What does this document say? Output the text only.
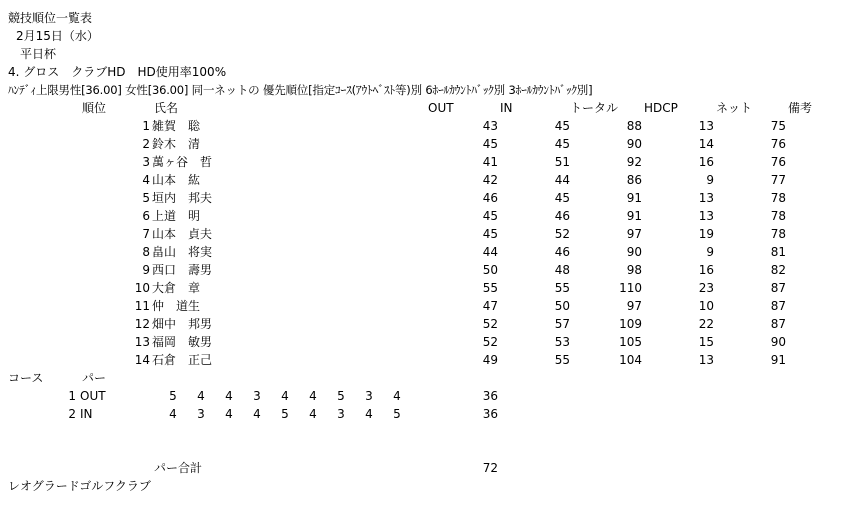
競技順位一覧表
2月15日（水）
平日杯
4. グロス　クラブHD　HD使用率100%
ﾊﾝﾃﾞｨ上限男性[36.00] 女性[36.00] 同一ネットの 優先順位[指定ｺｰｽ(ｱｳﾄﾍﾞｽﾄ等)別 6ﾎｰﾙｶｳﾝﾄﾊﾞｯｸ別 3ﾎｰﾙｶｳﾝﾄﾊﾞｯｸ別]
順位	氏名	OUT	IN	トータル HDCP	ネット	備考
1 雑賀　聡	43	45	88	13	75
2 鈴木　清	45	45	90	14	76
3 萬ヶ谷　哲	41	51	92	16	76
4 山本　紘	42	44	86	9	77
5 垣内　邦夫	46	45	91	13	78
6 上道　明	45	46	91	13	78
7 山本　貞夫	45	52	97	19	78
8 畠山　将実	44	46	90	9	81
9 西口　壽男	50	48	98	16	82
10 大倉　章	55	55	110	23	87
11 仲　道生	47	50	97	10	87
12 畑中　邦男	52	57	109	22	87
13 福岡　敏男	52	53	105	15	90
14 石倉　正己	49	55	104	13	91
コース	パー
1 OUT	5	4	4	3	4	4	5	3	4	36
2 IN	4	3	4	4	5	4	3	4	5	36
パー合計	72
レオグラードゴルフクラブ
